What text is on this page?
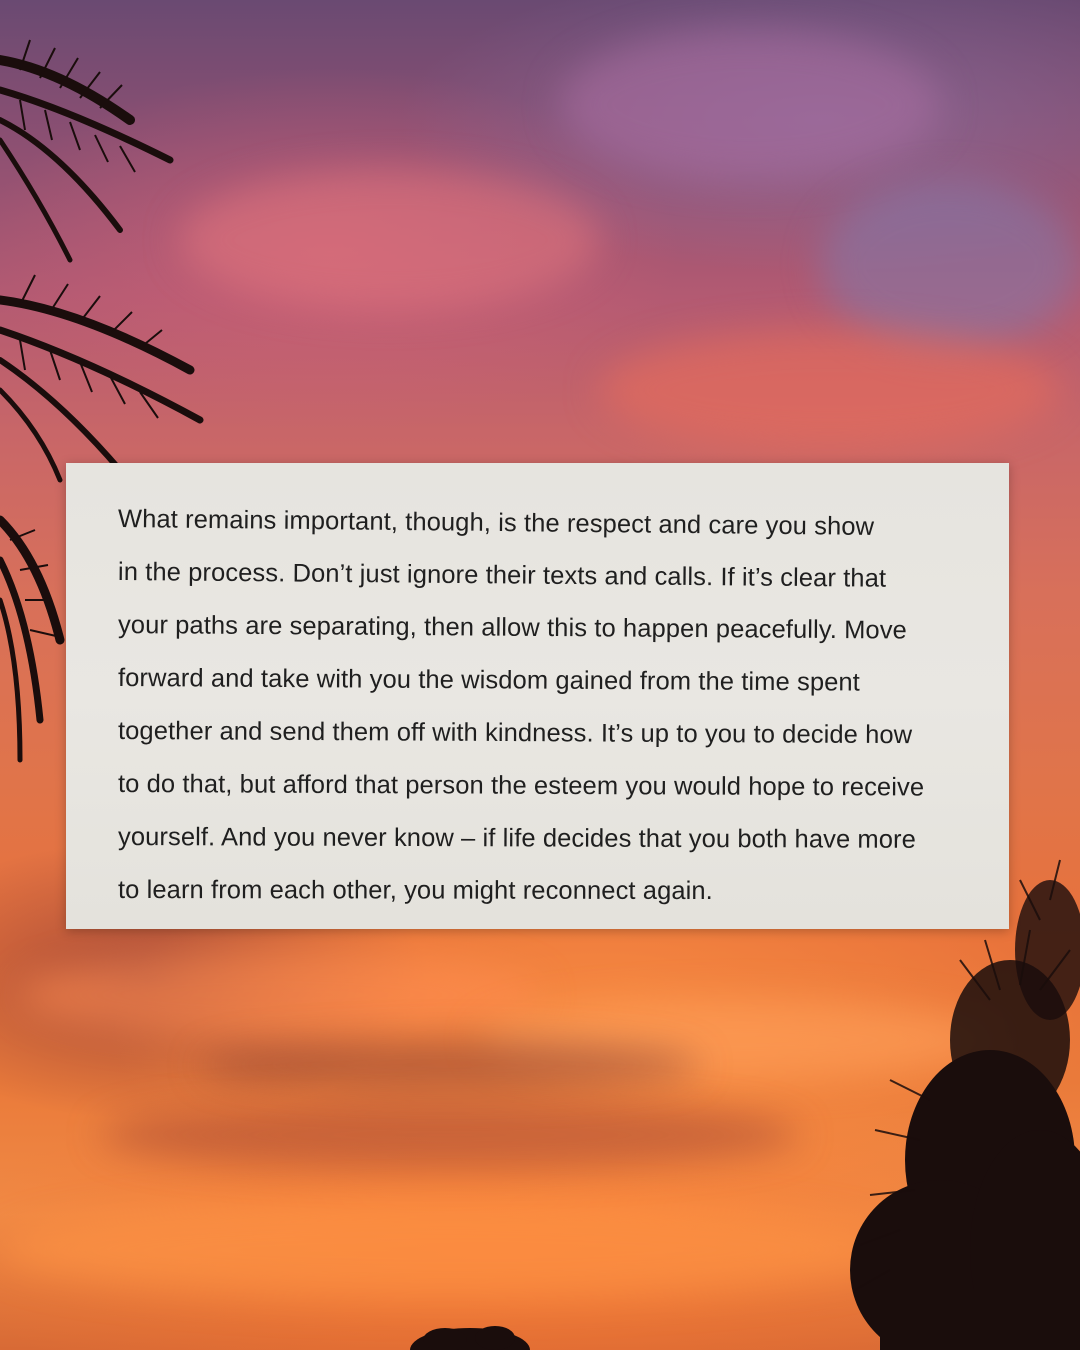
What remains important, though, is the respect and care you show
in the process. Don’t just ignore their texts and calls. If it’s clear that
your paths are separating, then allow this to happen peacefully. Move
forward and take with you the wisdom gained from the time spent
together and send them off with kindness. It’s up to you to decide how
to do that, but afford that person the esteem you would hope to receive
yourself. And you never know – if life decides that you both have more
to learn from each other, you might reconnect again.
